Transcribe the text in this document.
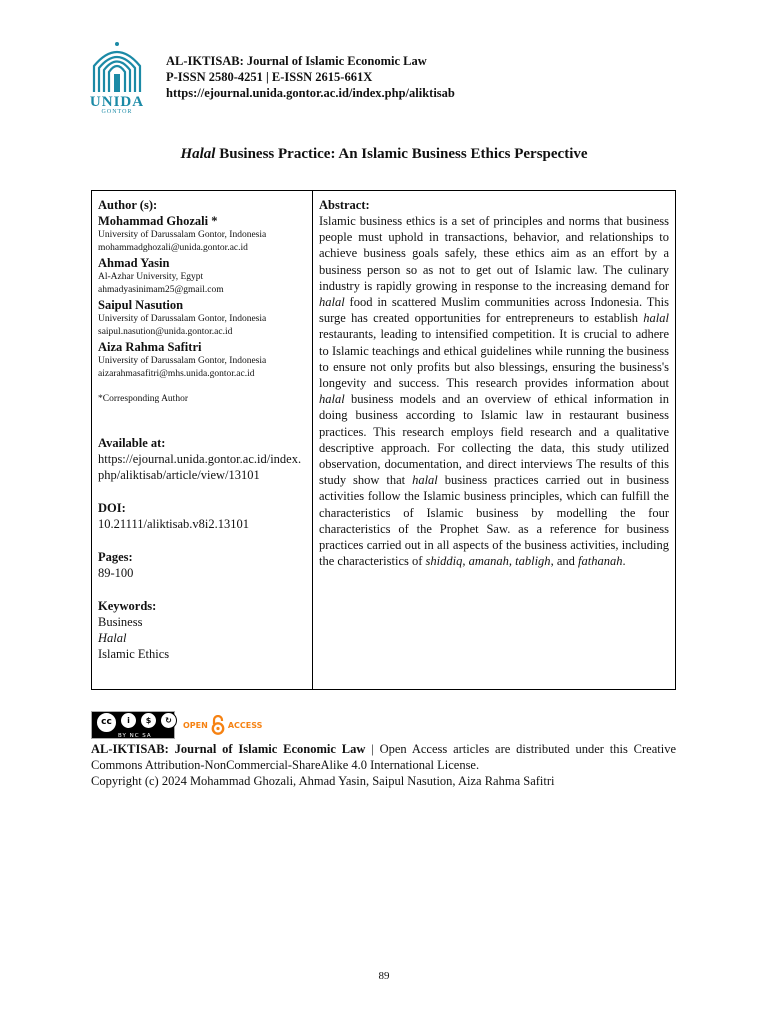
UNIDA
GONTOR
AL-IKTISAB: Journal of Islamic Economic Law
P-ISSN 2580-4251 | E-ISSN 2615-661X
https://ejournal.unida.gontor.ac.id/index.php/aliktisab
Halal Business Practice: An Islamic Business Ethics Perspective
Author (s):
Mohammad Ghozali *
University of Darussalam Gontor, Indonesia
mohammadghozali@unida.gontor.ac.id
Ahmad Yasin
Al-Azhar University, Egypt
ahmadyasinimam25@gmail.com
Saipul Nasution
University of Darussalam Gontor, Indonesia
saipul.nasution@unida.gontor.ac.id
Aiza Rahma Safitri
University of Darussalam Gontor, Indonesia
aizarahmasafitri@mhs.unida.gontor.ac.id
*Corresponding Author
Available at:
https://ejournal.unida.gontor.ac.id/index.php/aliktisab/article/view/13101
DOI:
10.21111/aliktisab.v8i2.13101
Pages:
89-100
Keywords:
Business
Halal
Islamic Ethics
Abstract:
Islamic business ethics is a set of principles and norms that business people must uphold in transactions, behavior, and relationships to achieve business goals safely, these ethics aim as an effort by a business person so as not to get out of Islamic law. The culinary industry is rapidly growing in response to the increasing demand for halal food in scattered Muslim communities across Indonesia. This surge has created opportunities for entrepreneurs to establish halal restaurants, leading to intensified competition. It is crucial to adhere to Islamic teachings and ethical guidelines while running the business to ensure not only profits but also blessings, ensuring the business's longevity and success. This research provides information about halal business models and an overview of ethical information in doing business according to Islamic law in restaurant business practices. This research employs field research and a qualitative descriptive approach. For collecting the data, this study utilized observation, documentation, and direct interviews The results of this study show that halal business practices carried out in business activities follow the Islamic business principles, which can fulfill the characteristics of Islamic business by modelling the four characteristics of the Prophet Saw. as a reference for business practices carried out in all aspects of the business activities, including the characteristics of shiddiq, amanah, tabligh, and fathanah.
cc	i	$	↻
BY NC SA
OPEN	ACCESS
AL-IKTISAB: Journal of Islamic Economic Law | Open Access articles are distributed under this Creative Commons Attribution-NonCommercial-ShareAlike 4.0 International License.
Copyright (c) 2024 Mohammad Ghozali, Ahmad Yasin, Saipul Nasution, Aiza Rahma Safitri
89
